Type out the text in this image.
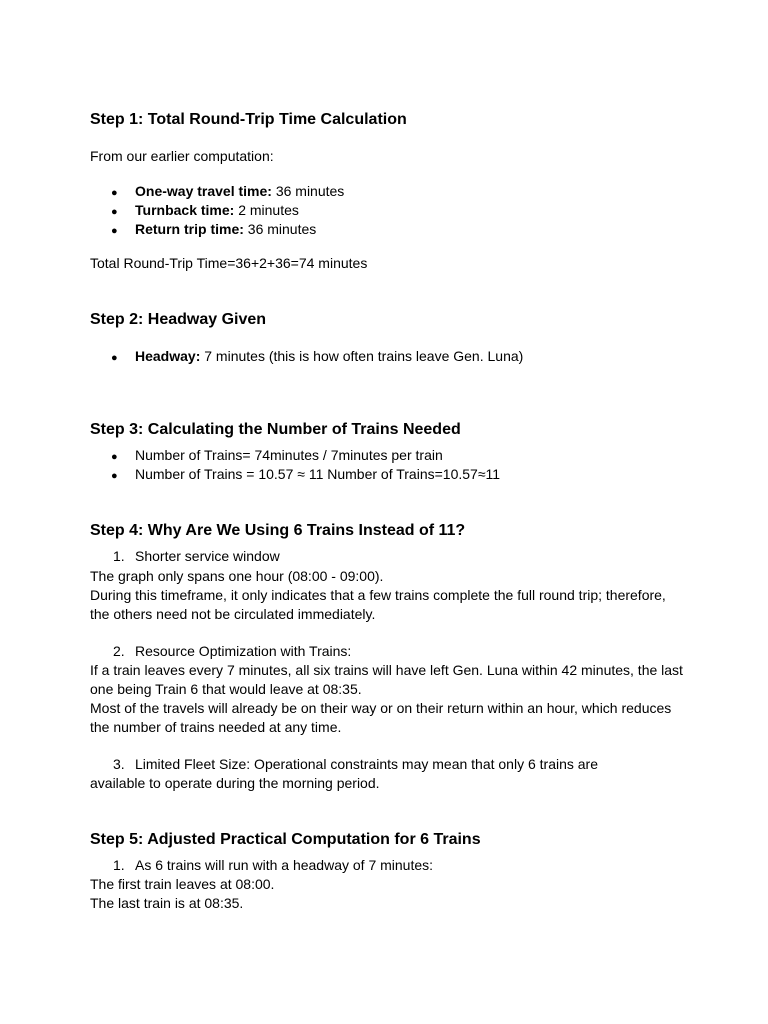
Step 1: Total Round-Trip Time Calculation

From our earlier computation:

● One-way travel time: 36 minutes
● Turnback time: 2 minutes
● Return trip time: 36 minutes

Total Round-Trip Time=36+2+36=74 minutes

Step 2: Headway Given
● Headway: 7 minutes (this is how often trains leave Gen. Luna)
Step 3: Calculating the Number of Trains Needed
● Number of Trains= 74minutes / 7minutes per train
● Number of Trains = 10.57 ≈ 11 Number of Trains=10.57≈11
Step 4: Why Are We Using 6 Trains Instead of 11?
1. Shorter service window

The graph only spans one hour (08:00 - 09:00).

During this timeframe, it only indicates that a few trains complete the full round trip; therefore,

the others need not be circulated immediately.

2. Resource Optimization with Trains:

If a train leaves every 7 minutes, all six trains will have left Gen. Luna within 42 minutes, the last

one being Train 6 that would leave at 08:35.

Most of the travels will already be on their way or on their return within an hour, which reduces

the number of trains needed at any time.

3. Limited Fleet Size: Operational constraints may mean that only 6 trains are

available to operate during the morning period.

Step 5: Adjusted Practical Computation for 6 Trains
1. As 6 trains will run with a headway of 7 minutes:

The first train leaves at 08:00.

The last train is at 08:35.
